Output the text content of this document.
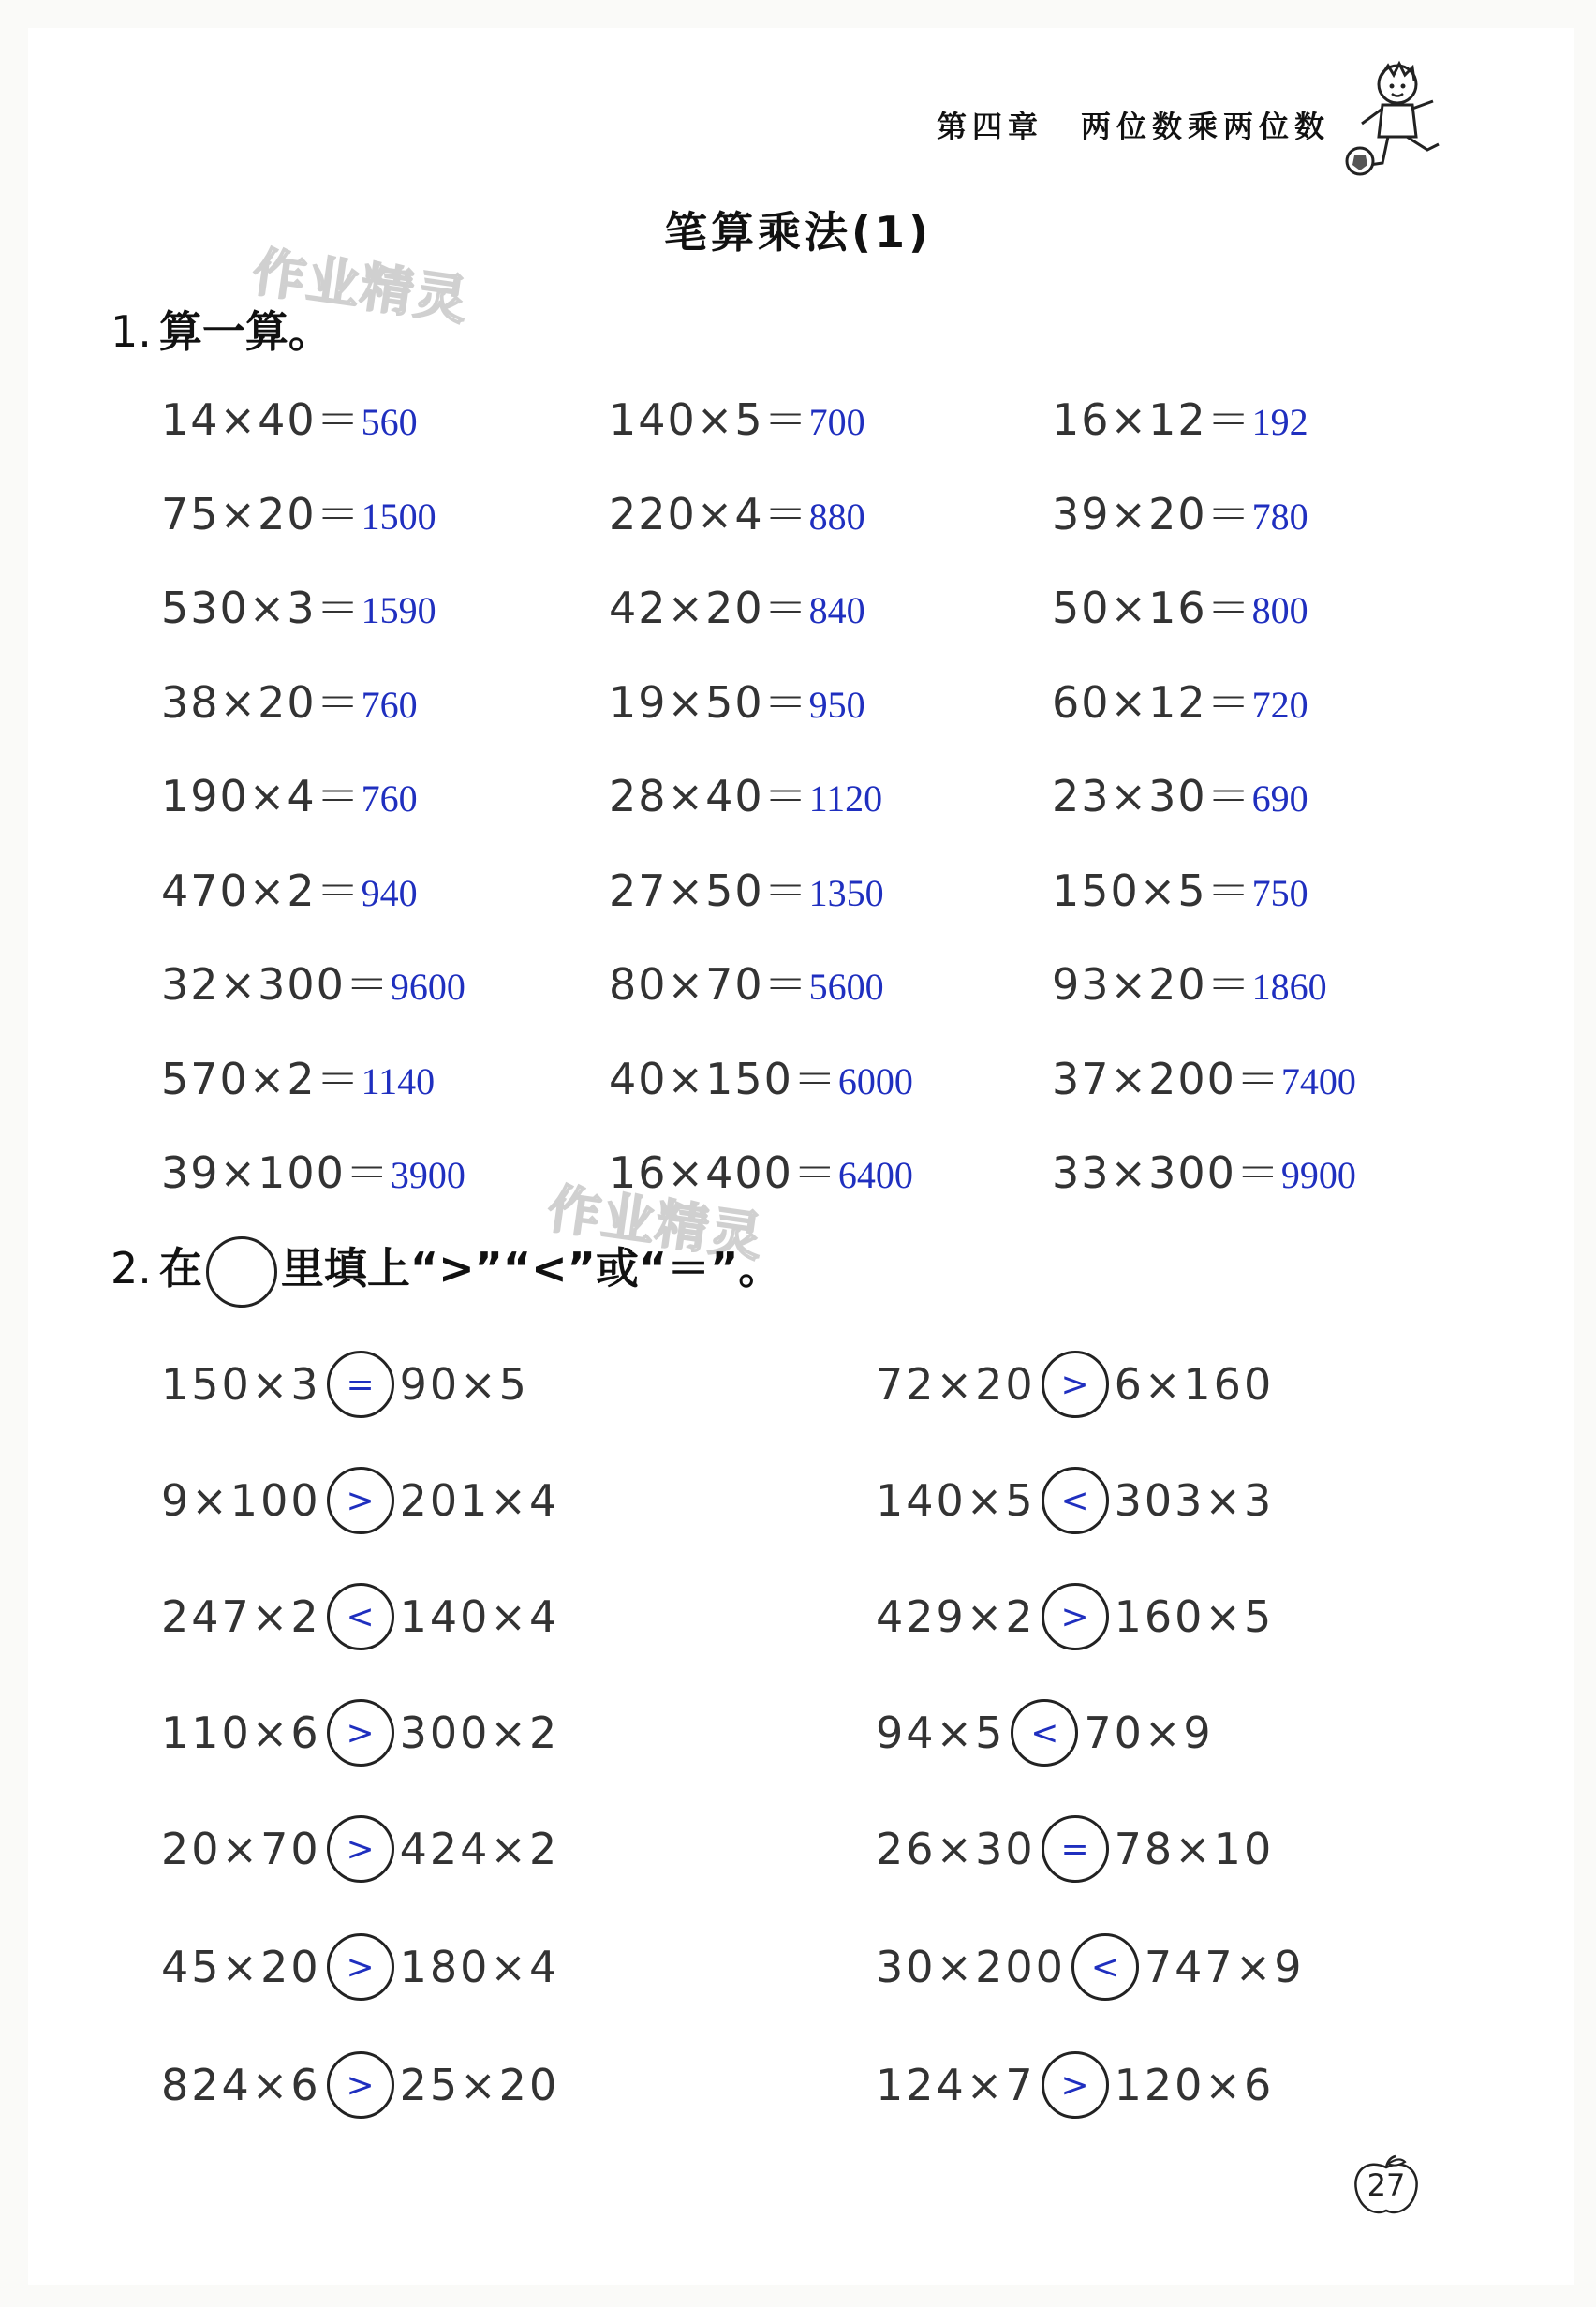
第四章 两位数乘两位数
笔算乘法(1)
作业精灵
作业精灵
1. 算一算。
14×40＝560	140×5＝700	16×12＝192
75×20＝1500	220×4＝880	39×20＝780
530×3＝1590	42×20＝840	50×16＝800
38×20＝760	19×50＝950	60×12＝720
190×4＝760	28×40＝1120	23×30＝690
470×2＝940	27×50＝1350	150×5＝750
32×300＝9600	80×70＝5600	93×20＝1860
570×2＝1140	40×150＝6000	37×200＝7400
39×100＝3900	16×400＝6400	33×300＝9900
2. 在 里填上“>”“<”或“＝”。
150×3 = 90×5	72×20 > 6×160
9×100 > 201×4	140×5 < 303×3
247×2 < 140×4	429×2 > 160×5
110×6 > 300×2	94×5 < 70×9
20×70 > 424×2	26×30 = 78×10
45×20 > 180×4	30×200 < 747×9
824×6 > 25×20	124×7 > 120×6
27
